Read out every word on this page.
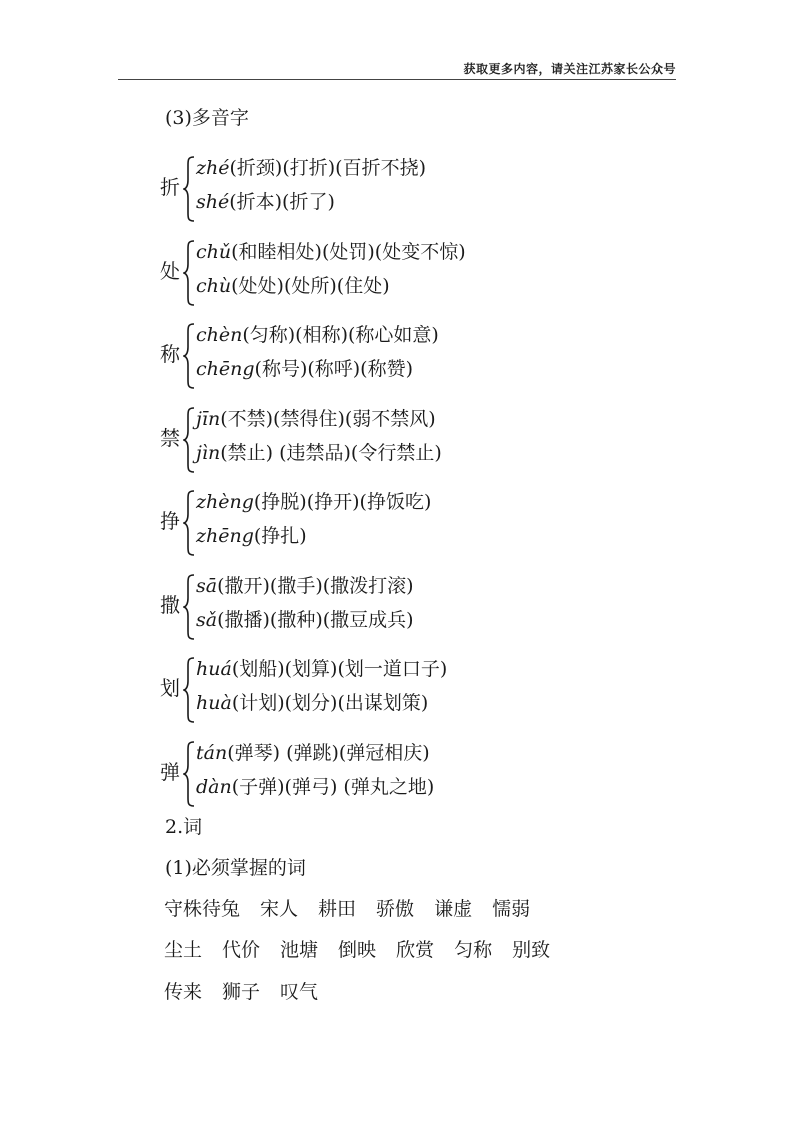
获取更多内容，请关注江苏家长公众号
(3)多音字
折
zhé(折颈)(打折)(百折不挠)
shé(折本)(折了)
处
chǔ(和睦相处)(处罚)(处变不惊)
chù(处处)(处所)(住处)
称
chèn(匀称)(相称)(称心如意)
chēng(称号)(称呼)(称赞)
禁
jīn(不禁)(禁得住)(弱不禁风)
jìn(禁止) (违禁品)(令行禁止)
挣
zhèng(挣脱)(挣开)(挣饭吃)
zhēng(挣扎)
撒
sā(撒开)(撒手)(撒泼打滚)
sǎ(撒播)(撒种)(撒豆成兵)
划
huá(划船)(划算)(划一道口子)
huà(计划)(划分)(出谋划策)
弹
tán(弹琴) (弹跳)(弹冠相庆)
dàn(子弹)(弹弓) (弹丸之地)
2.词
(1)必须掌握的词
守株待兔 宋人 耕田 骄傲 谦虚 懦弱
尘土 代价 池塘 倒映 欣赏 匀称 别致
传来 狮子 叹气
